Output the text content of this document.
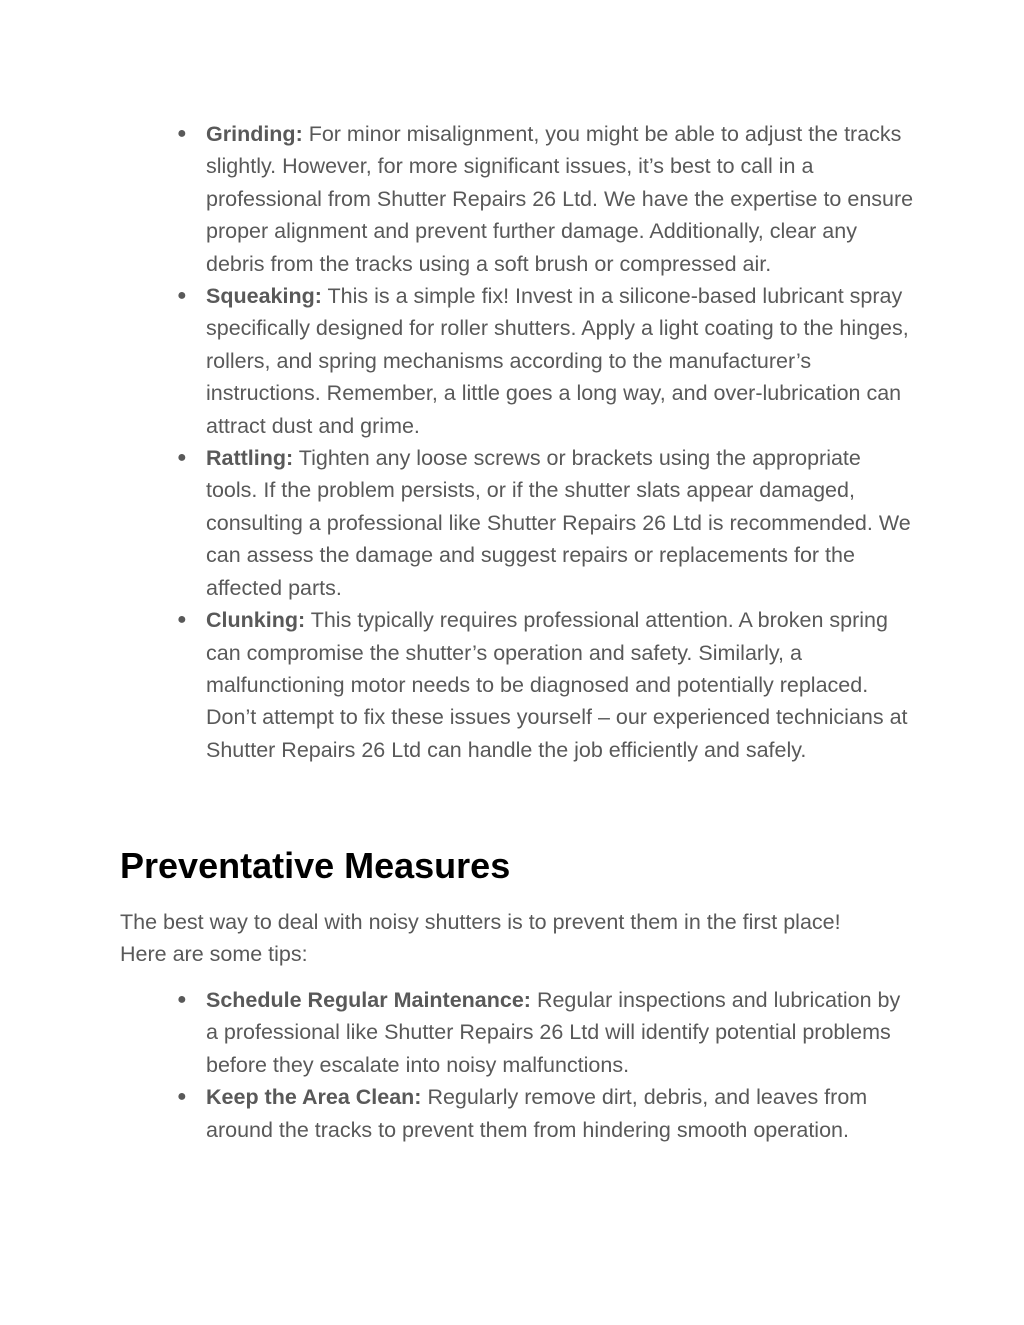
● Grinding: For minor misalignment, you might be able to adjust the tracks slightly. However, for more significant issues, it’s best to call in a professional from Shutter Repairs 26 Ltd. We have the expertise to ensure proper alignment and prevent further damage. Additionally, clear any debris from the tracks using a soft brush or compressed air.
● Squeaking: This is a simple fix! Invest in a silicone-based lubricant spray specifically designed for roller shutters. Apply a light coating to the hinges, rollers, and spring mechanisms according to the manufacturer’s instructions. Remember, a little goes a long way, and over-lubrication can attract dust and grime.
● Rattling: Tighten any loose screws or brackets using the appropriate tools. If the problem persists, or if the shutter slats appear damaged, consulting a professional like Shutter Repairs 26 Ltd is recommended. We can assess the damage and suggest repairs or replacements for the affected parts.
● Clunking: This typically requires professional attention. A broken spring can compromise the shutter’s operation and safety. Similarly, a malfunctioning motor needs to be diagnosed and potentially replaced. Don’t attempt to fix these issues yourself – our experienced technicians at Shutter Repairs 26 Ltd can handle the job efficiently and safely.
Preventative Measures

The best way to deal with noisy shutters is to prevent them in the first place! Here are some tips:

● Schedule Regular Maintenance: Regular inspections and lubrication by a professional like Shutter Repairs 26 Ltd will identify potential problems before they escalate into noisy malfunctions.
● Keep the Area Clean: Regularly remove dirt, debris, and leaves from around the tracks to prevent them from hindering smooth operation.
